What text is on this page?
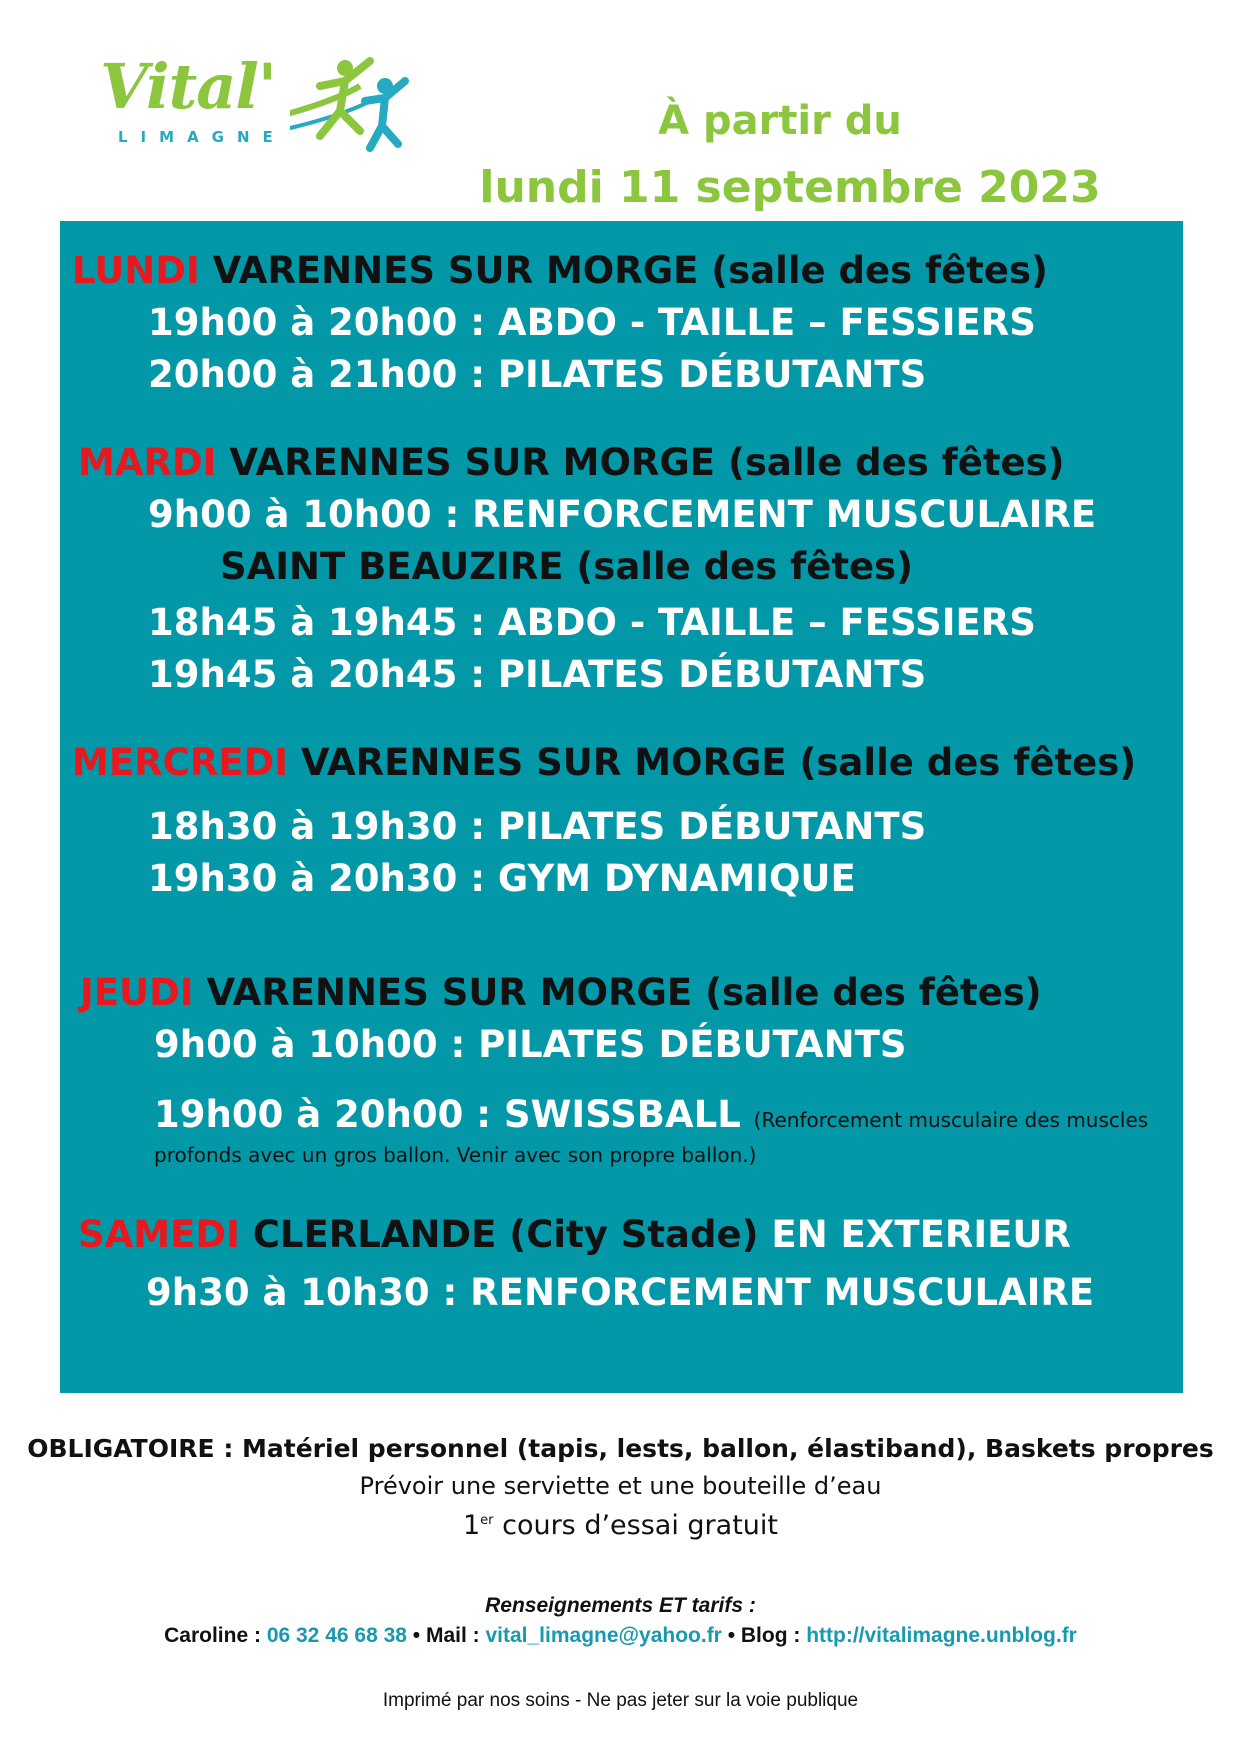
Vital'
LIMAGNE	À partir du
lundi 11 septembre 2023
LUNDI VARENNES SUR MORGE (salle des fêtes)
19h00 à 20h00 : ABDO - TAILLE – FESSIERS
20h00 à 21h00 : PILATES DÉBUTANTS
MARDI VARENNES SUR MORGE (salle des fêtes)
9h00 à 10h00 : RENFORCEMENT MUSCULAIRE
SAINT BEAUZIRE (salle des fêtes)
18h45 à 19h45 : ABDO - TAILLE – FESSIERS
19h45 à 20h45 : PILATES DÉBUTANTS
MERCREDI VARENNES SUR MORGE (salle des fêtes)
18h30 à 19h30 : PILATES DÉBUTANTS
19h30 à 20h30 : GYM DYNAMIQUE
JEUDI VARENNES SUR MORGE (salle des fêtes)
9h00 à 10h00 : PILATES DÉBUTANTS
19h00 à 20h00 : SWISSBALL (Renforcement musculaire des muscles
profonds avec un gros ballon. Venir avec son propre ballon.)
SAMEDI CLERLANDE (City Stade) EN EXTERIEUR
9h30 à 10h30 : RENFORCEMENT MUSCULAIRE
OBLIGATOIRE : Matériel personnel (tapis, lests, ballon, élastiband), Baskets propres
Prévoir une serviette et une bouteille d’eau
1er cours d’essai gratuit
Renseignements ET tarifs :
Caroline : 06 32 46 68 38 • Mail : vital_limagne@yahoo.fr • Blog : http://vitalimagne.unblog.fr
Imprimé par nos soins - Ne pas jeter sur la voie publique
